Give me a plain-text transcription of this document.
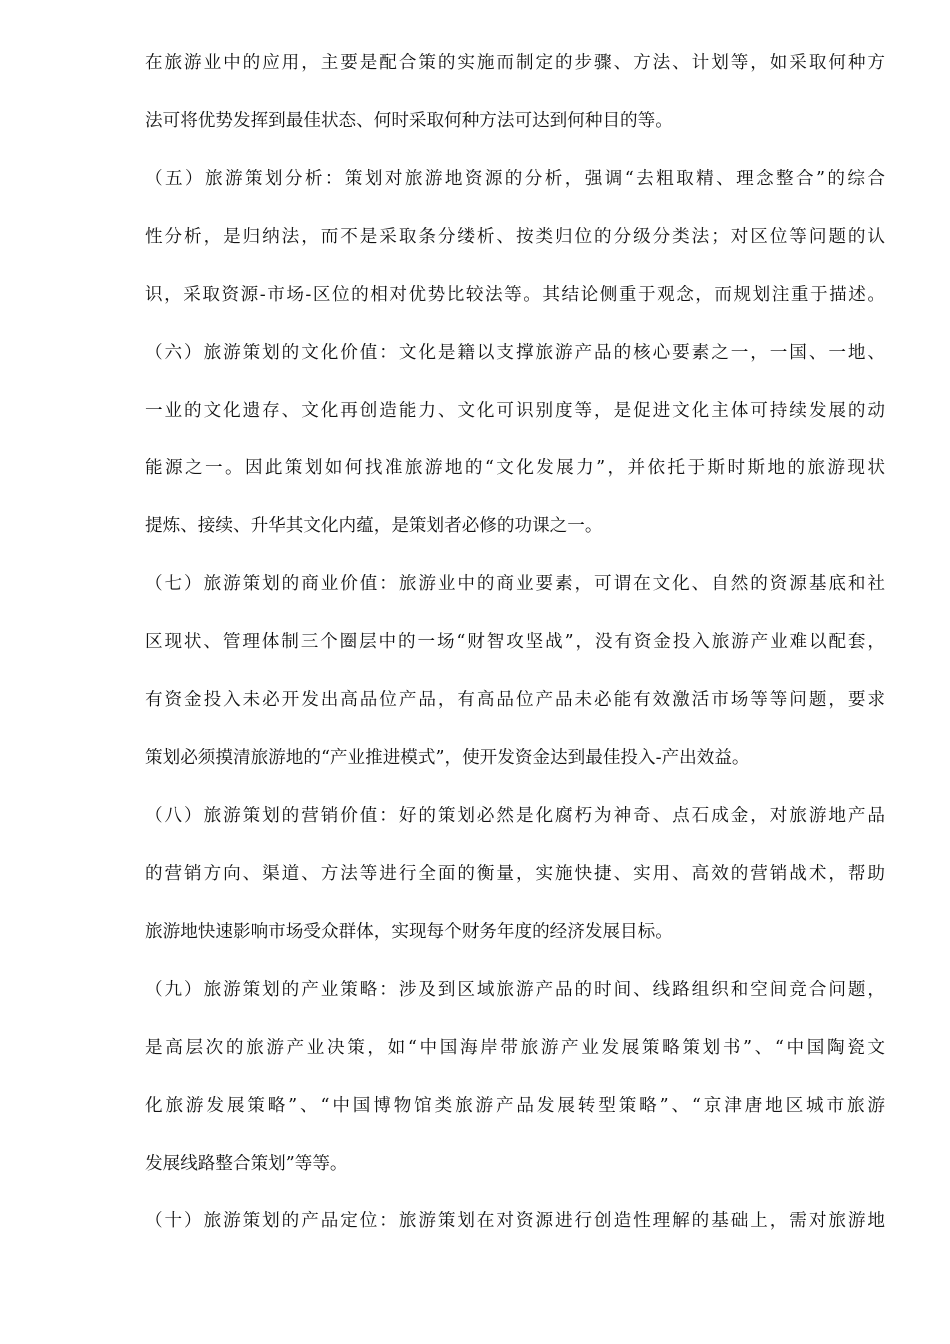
在旅游业中的应用，主要是配合策的实施而制定的步骤、方法、计划等，如采取何种方
法可将优势发挥到最佳状态、何时采取何种方法可达到何种目的等。
（五）旅游策划分析：策划对旅游地资源的分析，强调“去粗取精、理念整合”的综合
性分析，是归纳法，而不是采取条分缕析、按类归位的分级分类法；对区位等问题的认
识，采取资源-市场-区位的相对优势比较法等。其结论侧重于观念，而规划注重于描述。
（六）旅游策划的文化价值：文化是籍以支撑旅游产品的核心要素之一，一国、一地、
一业的文化遗存、文化再创造能力、文化可识别度等，是促进文化主体可持续发展的动
能源之一。因此策划如何找准旅游地的“文化发展力”，并依托于斯时斯地的旅游现状
提炼、接续、升华其文化内蕴，是策划者必修的功课之一。
（七）旅游策划的商业价值：旅游业中的商业要素，可谓在文化、自然的资源基底和社
区现状、管理体制三个圈层中的一场“财智攻坚战”，没有资金投入旅游产业难以配套，
有资金投入未必开发出高品位产品，有高品位产品未必能有效激活市场等等问题，要求
策划必须摸清旅游地的“产业推进模式”，使开发资金达到最佳投入-产出效益。
（八）旅游策划的营销价值：好的策划必然是化腐朽为神奇、点石成金，对旅游地产品
的营销方向、渠道、方法等进行全面的衡量，实施快捷、实用、高效的营销战术，帮助
旅游地快速影响市场受众群体，实现每个财务年度的经济发展目标。
（九）旅游策划的产业策略：涉及到区域旅游产品的时间、线路组织和空间竞合问题，
是高层次的旅游产业决策，如“中国海岸带旅游产业发展策略策划书”、“中国陶瓷文
化旅游发展策略”、“中国博物馆类旅游产品发展转型策略”、“京津唐地区城市旅游
发展线路整合策划”等等。
（十）旅游策划的产品定位：旅游策划在对资源进行创造性理解的基础上，需对旅游地
